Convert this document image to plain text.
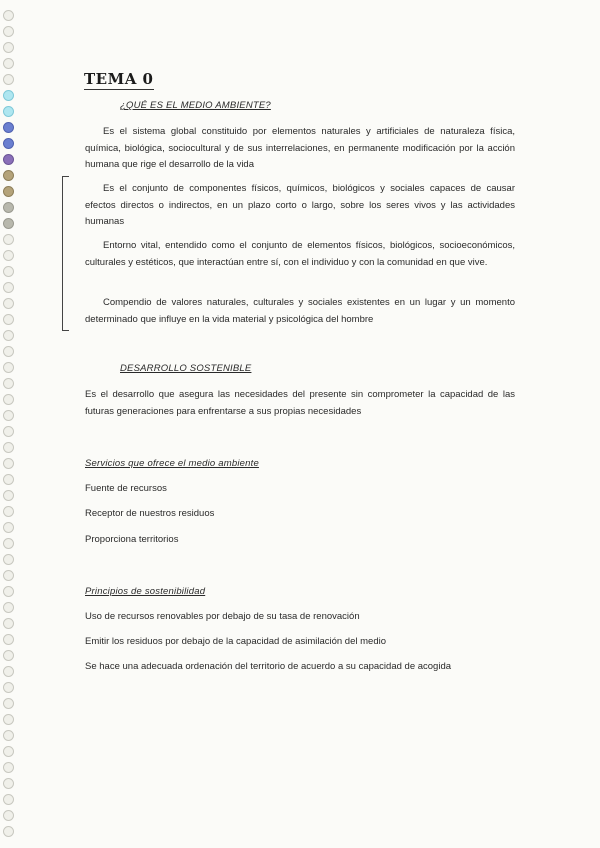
TEMA 0
¿QUÉ ES EL MEDIO AMBIENTE?
Es el sistema global constituido por elementos naturales y artificiales de naturaleza física, química, biológica, sociocultural y de sus interrelaciones, en permanente modificación por la acción humana que rige el desarrollo de la vida
Es el conjunto de componentes físicos, químicos, biológicos y sociales capaces de causar efectos directos o indirectos, en un plazo corto o largo, sobre los seres vivos y las actividades humanas
Entorno vital, entendido como el conjunto de elementos físicos, biológicos, socioeconómicos, culturales y estéticos, que interactúan entre sí, con el individuo y con la comunidad en que vive.
Compendio de valores naturales, culturales y sociales existentes en un lugar y un momento determinado que influye en la vida material y psicológica del hombre
DESARROLLO SOSTENIBLE
Es el desarrollo que asegura las necesidades del presente sin comprometer la capacidad de las futuras generaciones para enfrentarse a sus propias necesidades
Servicios que ofrece el medio ambiente
Fuente de recursos
Receptor de nuestros residuos
Proporciona territorios
Principios de sostenibilidad
Uso de recursos renovables por debajo de su tasa de renovación
Emitir los residuos por debajo de la capacidad de asimilación del medio
Se hace una adecuada ordenación del territorio de acuerdo a su capacidad de acogida
